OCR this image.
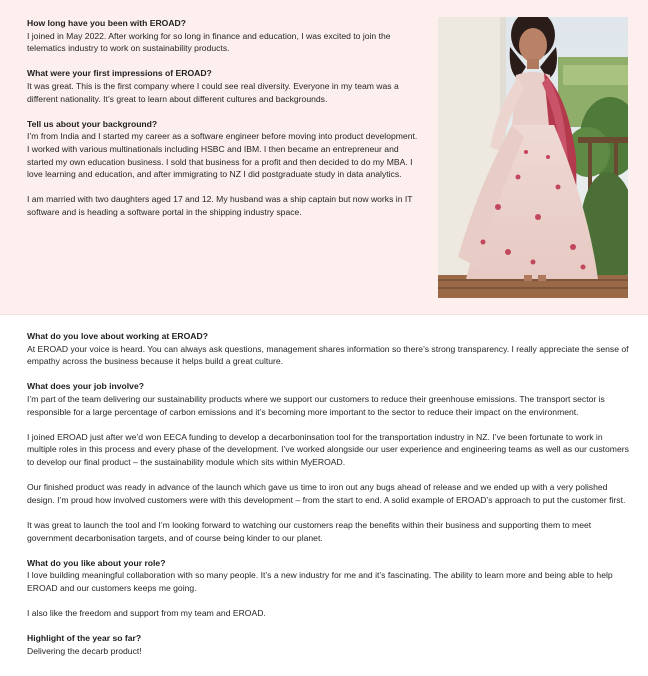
How long have you been with EROAD?

I joined in May 2022. After working for so long in finance and education, I was excited to join the telematics industry to work on sustainability products.

What were your first impressions of EROAD?

It was great. This is the first company where I could see real diversity. Everyone in my team was a different nationality. It’s great to learn about different cultures and backgrounds.

Tell us about your background?

I’m from India and I started my career as a software engineer before moving into product development. I worked with various multinationals including HSBC and IBM. I then became an entrepreneur and started my own education business. I sold that business for a profit and then decided to do my MBA. I love learning and education, and after immigrating to NZ I did postgraduate study in data analytics.

I am married with two daughters aged 17 and 12. My husband was a ship captain but now works in IT software and is heading a software portal in the shipping industry space.

What do you love about working at EROAD?

At EROAD your voice is heard. You can always ask questions, management shares information so there’s strong transparency. I really appreciate the sense of empathy across the business because it helps build a great culture.

What does your job involve?

I’m part of the team delivering our sustainability products where we support our customers to reduce their greenhouse emissions. The transport sector is responsible for a large percentage of carbon emissions and it’s becoming more important to the sector to reduce their impact on the environment.

I joined EROAD just after we’d won EECA funding to develop a decarboninsation tool for the transportation industry in NZ. I’ve been fortunate to work in multiple roles in this process and every phase of the development. I’ve worked alongside our user experience and engineering teams as well as our customers to develop our final product – the sustainability module which sits within MyEROAD.

Our finished product was ready in advance of the launch which gave us time to iron out any bugs ahead of release and we ended up with a very polished design. I’m proud how involved customers were with this development – from the start to end. A solid example of EROAD’s approach to put the customer first.

It was great to launch the tool and I’m looking forward to watching our customers reap the benefits within their business and supporting them to meet government decarbonisation targets, and of course being kinder to our planet.

What do you like about your role?

I love building meaningful collaboration with so many people. It’s a new industry for me and it’s fascinating. The ability to learn more and being able to help EROAD and our customers keeps me going.

I also like the freedom and support from my team and EROAD.

Highlight of the year so far?

Delivering the decarb product!
